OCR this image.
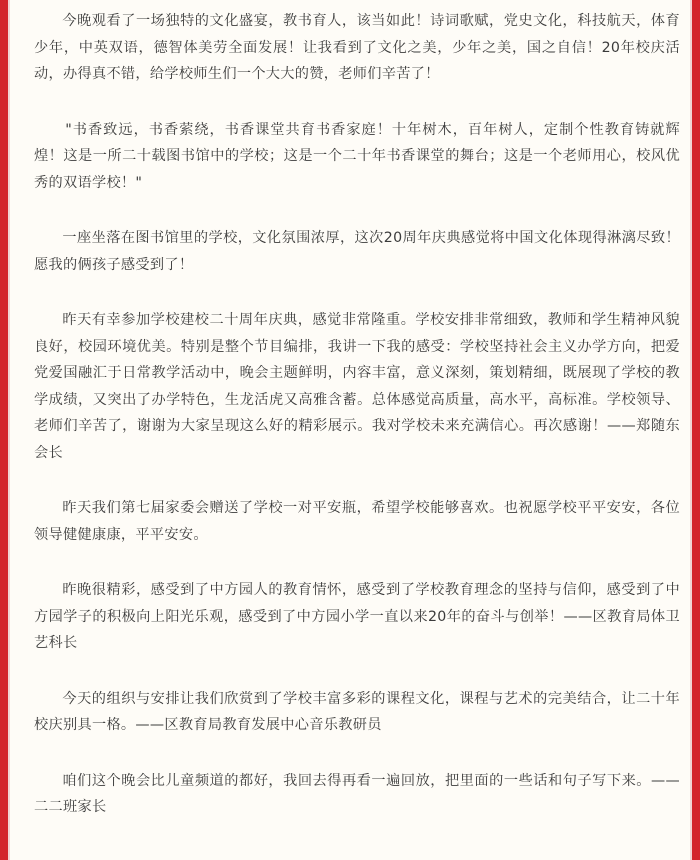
今晚观看了一场独特的文化盛宴，教书育人，该当如此！诗词歌赋，党史文化，科技航天，体育少年，中英双语，德智体美劳全面发展！让我看到了文化之美，少年之美，国之自信！20年校庆活动，办得真不错，给学校师生们一个大大的赞，老师们辛苦了！

"书香致远，书香萦绕，书香课堂共育书香家庭！十年树木，百年树人，定制个性教育铸就辉煌！这是一所二十载图书馆中的学校；这是一个二十年书香课堂的舞台；这是一个老师用心，校风优秀的双语学校！"

一座坐落在图书馆里的学校，文化氛围浓厚，这次20周年庆典感觉将中国文化体现得淋漓尽致！愿我的俩孩子感受到了！

昨天有幸参加学校建校二十周年庆典，感觉非常隆重。学校安排非常细致，教师和学生精神风貌良好，校园环境优美。特别是整个节目编排，我讲一下我的感受：学校坚持社会主义办学方向，把爱党爱国融汇于日常教学活动中，晚会主题鲜明，内容丰富，意义深刻，策划精细，既展现了学校的教学成绩，又突出了办学特色，生龙活虎又高雅含蓄。总体感觉高质量，高水平，高标准。学校领导、老师们辛苦了，谢谢为大家呈现这么好的精彩展示。我对学校未来充满信心。再次感谢！——郑随东会长

昨天我们第七届家委会赠送了学校一对平安瓶，希望学校能够喜欢。也祝愿学校平平安安，各位领导健健康康，平平安安。

昨晚很精彩，感受到了中方园人的教育情怀，感受到了学校教育理念的坚持与信仰，感受到了中方园学子的积极向上阳光乐观，感受到了中方园小学一直以来20年的奋斗与创举！——区教育局体卫艺科长

今天的组织与安排让我们欣赏到了学校丰富多彩的课程文化，课程与艺术的完美结合，让二十年校庆别具一格。——区教育局教育发展中心音乐教研员

咱们这个晚会比儿童频道的都好，我回去得再看一遍回放，把里面的一些话和句子写下来。——二二班家长
